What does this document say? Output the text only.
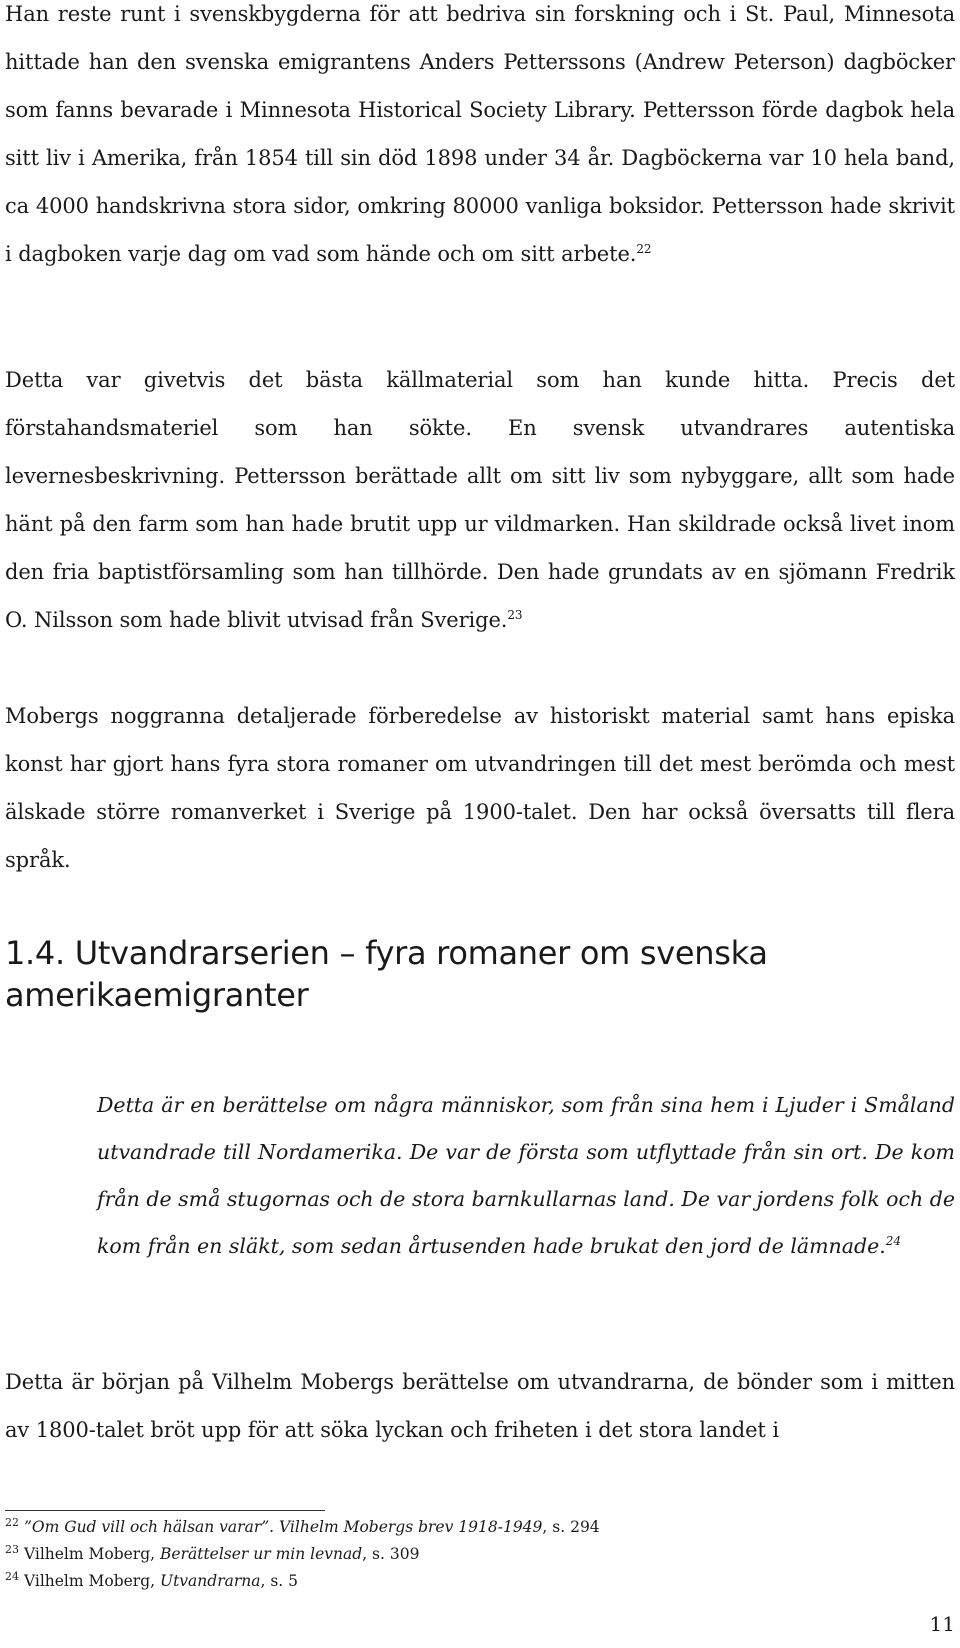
Han reste runt i svenskbygderna för att bedriva sin forskning och i St. Paul, Minnesota hittade han den svenska emigrantens Anders Petterssons (Andrew Peterson) dagböcker som fanns bevarade i Minnesota Historical Society Library. Pettersson förde dagbok hela sitt liv i Amerika, från 1854 till sin död 1898 under 34 år. Dagböckerna var 10 hela band, ca 4000 handskrivna stora sidor, omkring 80000 vanliga boksidor. Pettersson hade skrivit i dagboken varje dag om vad som hände och om sitt arbete.$^{22}$

Detta var givetvis det bästa källmaterial som han kunde hitta. Precis det förstahandsmateriel som han sökte. En svensk utvandrares autentiska levernesbeskrivning. Pettersson berättade allt om sitt liv som nybyggare, allt som hade hänt på den farm som han hade brutit upp ur vildmarken. Han skildrade också livet inom den fria baptistförsamling som han tillhörde. Den hade grundats av en sjömann Fredrik O. Nilsson som hade blivit utvisad från Sverige.$^{23}$

Mobergs noggranna detaljerade förberedelse av historiskt material samt hans episka konst har gjort hans fyra stora romaner om utvandringen till det mest berömda och mest älskade större romanverket i Sverige på 1900-talet. Den har också översatts till flera språk.

1.4. Utvandrarserien – fyra romaner om svenska amerikaemigranter

Detta är en berättelse om några människor, som från sina hem i Ljuder i Småland utvandrade till Nordamerika. De var de första som utflyttade från sin ort. De kom från de små stugornas och de stora barnkullarnas land. De var jordens folk och de kom från en släkt, som sedan årtusenden hade brukat den jord de lämnade.$^{24}$

Detta är början på Vilhelm Mobergs berättelse om utvandrarna, de bönder som i mitten av 1800-talet bröt upp för att söka lyckan och friheten i det stora landet i

$^{22}$ ”Om Gud vill och hälsan varar”. Vilhelm Mobergs brev 1918-1949, s. 294
$^{23}$ Vilhelm Moberg, Berättelser ur min levnad, s. 309
$^{24}$ Vilhelm Moberg, Utvandrarna, s. 5
11
